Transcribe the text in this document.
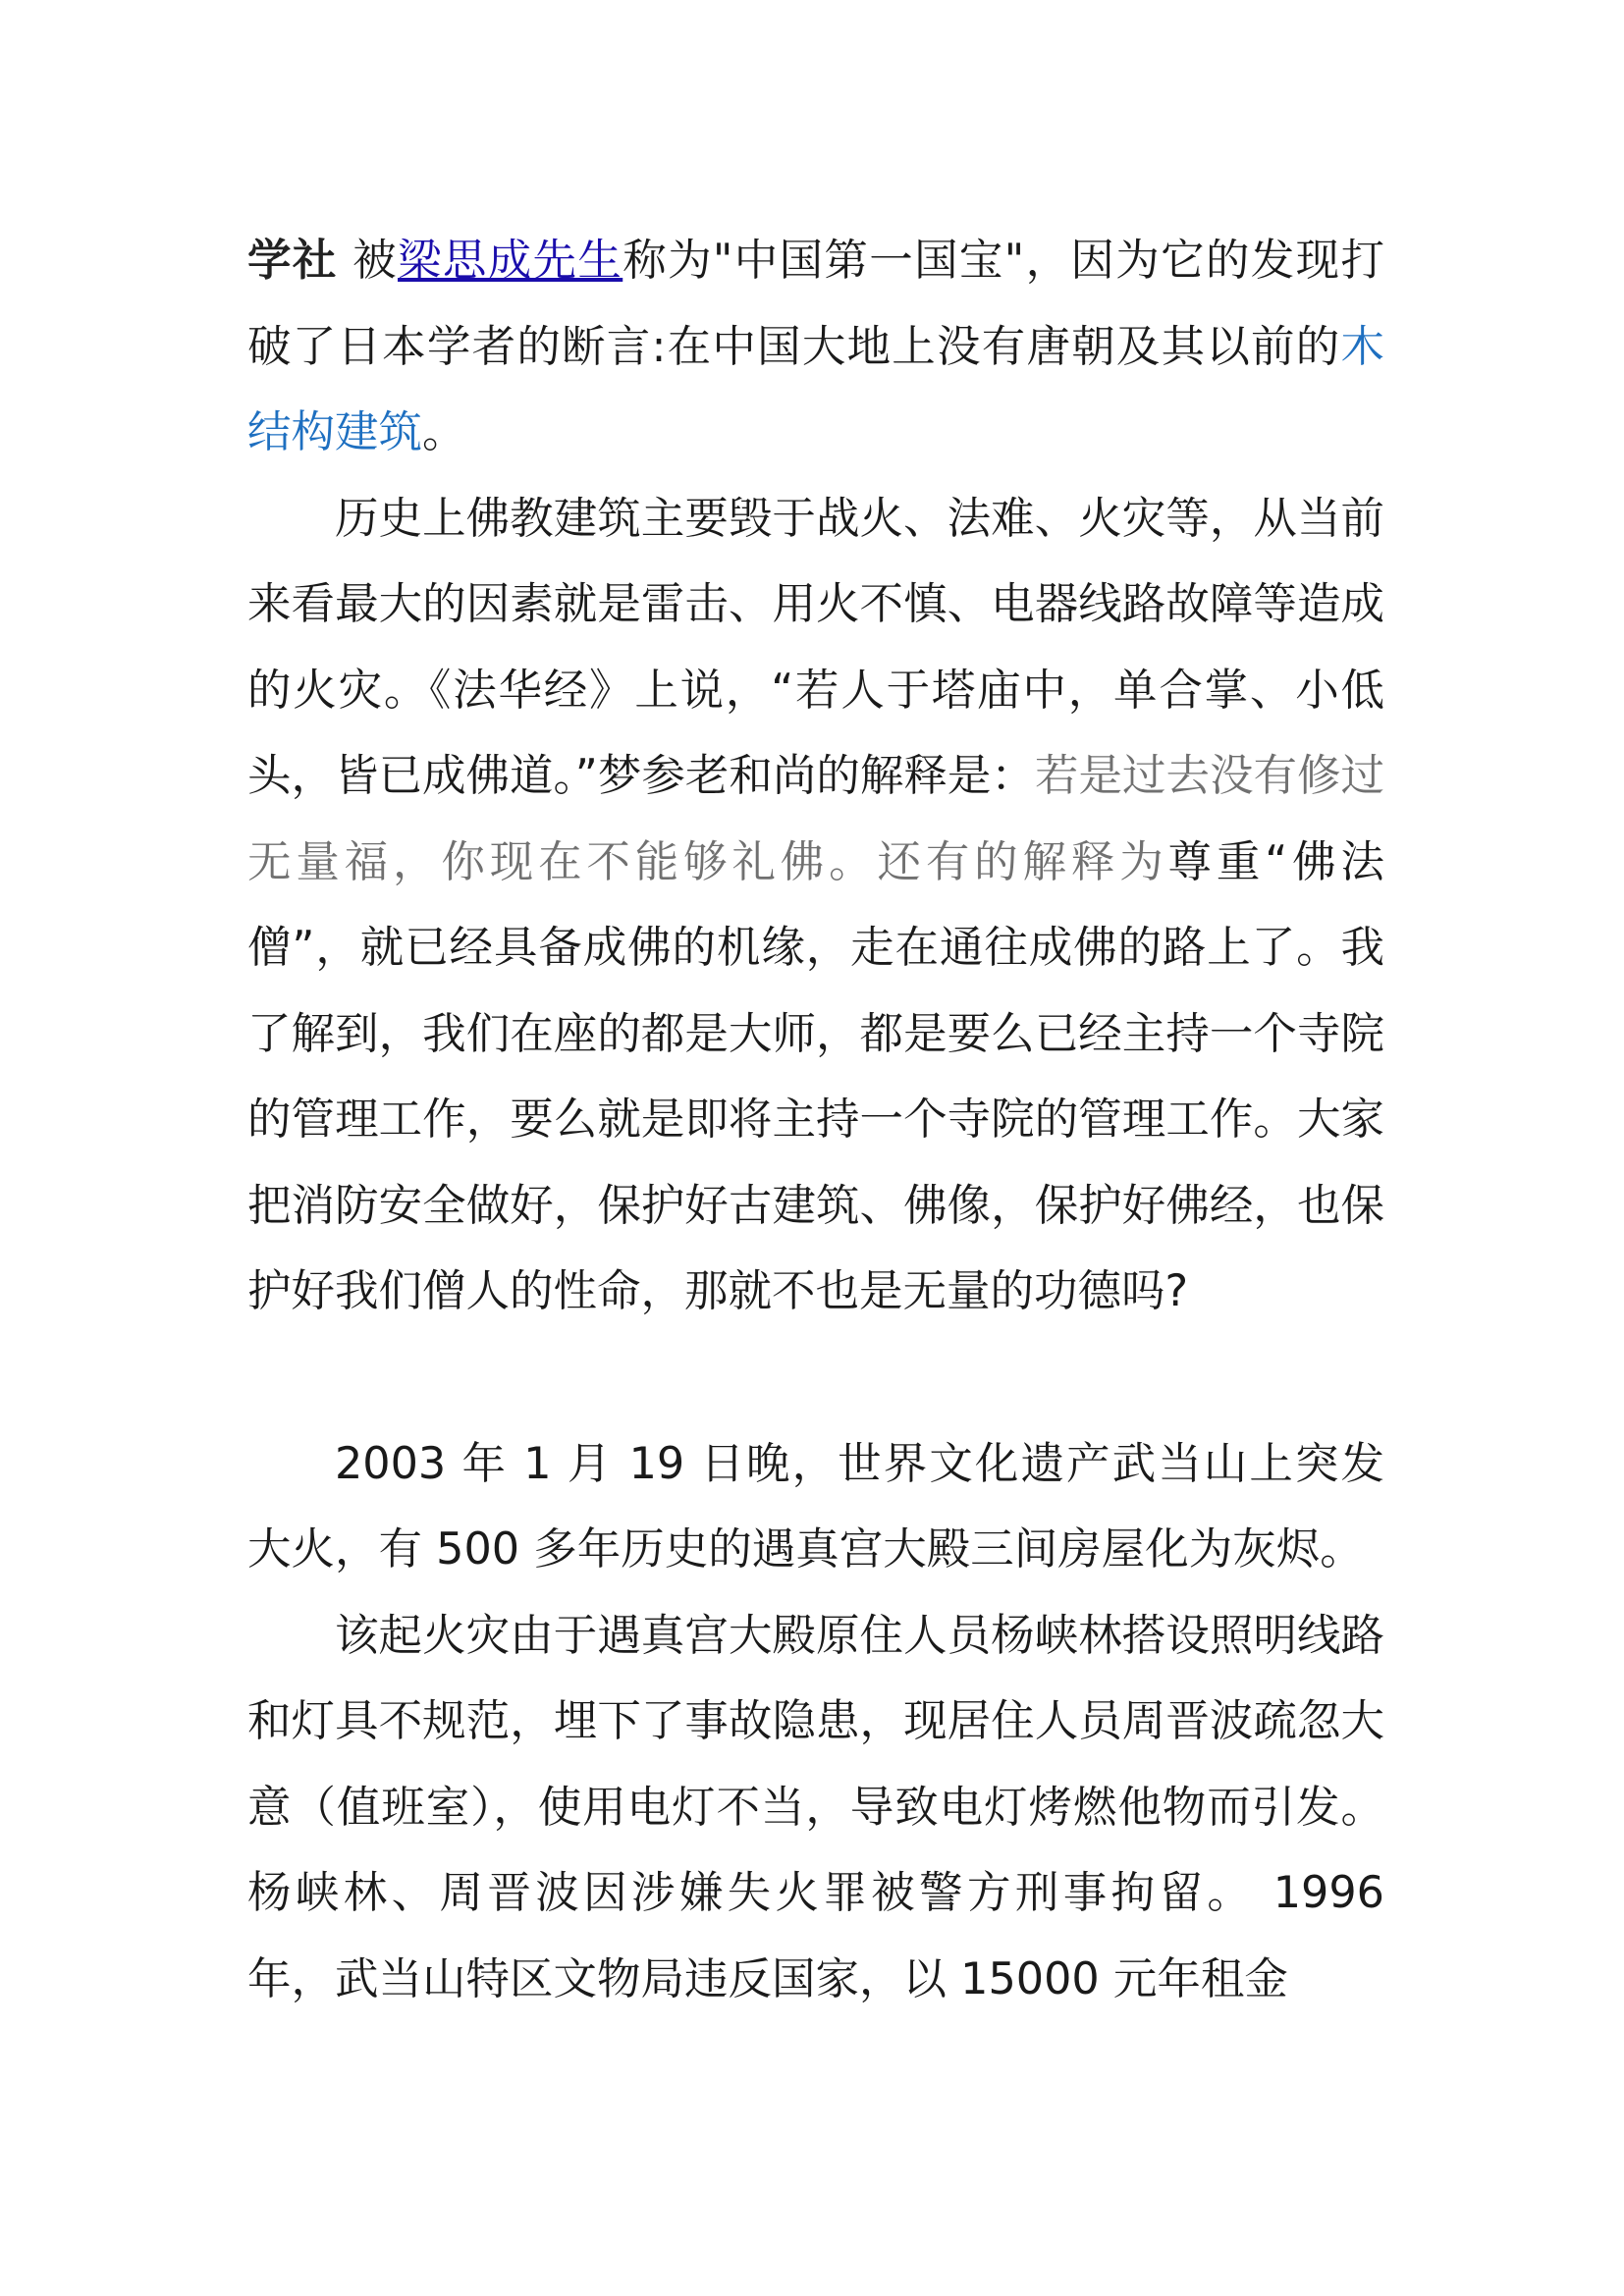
学社 被梁思成先生称为"中国第一国宝"，因为它的发现打破了日本学者的断言:在中国大地上没有唐朝及其以前的木结构建筑。

历史上佛教建筑主要毁于战火、法难、火灾等，从当前来看最大的因素就是雷击、用火不慎、电器线路故障等造成的火灾。《法华经》上说，“若人于塔庙中，单合掌、小低头，皆已成佛道。”梦参老和尚的解释是：若是过去没有修过无量福，你现在不能够礼佛。还有的解释为尊重“佛法僧”，就已经具备成佛的机缘，走在通往成佛的路上了。我了解到，我们在座的都是大师，都是要么已经主持一个寺院的管理工作，要么就是即将主持一个寺院的管理工作。大家把消防安全做好，保护好古建筑、佛像，保护好佛经，也保护好我们僧人的性命，那就不也是无量的功德吗?

2003 年 1 月 19 日晚，世界文化遗产武当山上突发大火，有 500 多年历史的遇真宫大殿三间房屋化为灰烬。

该起火灾由于遇真宫大殿原住人员杨峡林搭设照明线路和灯具不规范，埋下了事故隐患，现居住人员周晋波疏忽大意（值班室），使用电灯不当，导致电灯烤燃他物而引发。杨峡林、周晋波因涉嫌失火罪被警方刑事拘留。 1996 年，武当山特区文物局违反国家，以 15000 元年租金
